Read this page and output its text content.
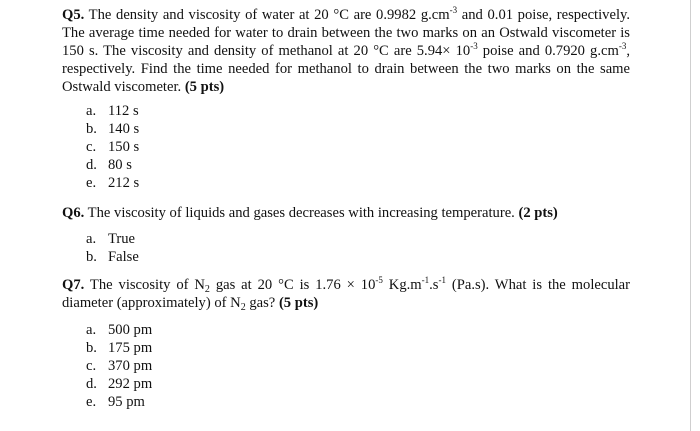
Q5. The density and viscosity of water at 20 °C are 0.9982 $g.cm^{-3}$ and 0.01 poise, respectively. The average time needed for water to drain between the two marks on an Ostwald viscometer is 150 s. The viscosity and density of methanol at 20 °C are $5.94\times 10^{-3}$ poise and 0.7920 $g.cm^{-3}$, respectively. Find the time needed for methanol to drain between the two marks on the same Ostwald viscometer. (5 pts)
a. 112 s
b. 140 s
c. 150 s
d. 80 s
e. 212 s
Q6. The viscosity of liquids and gases decreases with increasing temperature. (2 pts)
a. True
b. False
Q7. The viscosity of $N_2$ gas at 20 °C is $1.76 \times 10^{-5}$ $Kg.m^{-1}.s^{-1}$ (Pa.s). What is the molecular diameter (approximately) of $N_2$ gas? (5 pts)
a. 500 pm
b. 175 pm
c. 370 pm
d. 292 pm
e. 95 pm
